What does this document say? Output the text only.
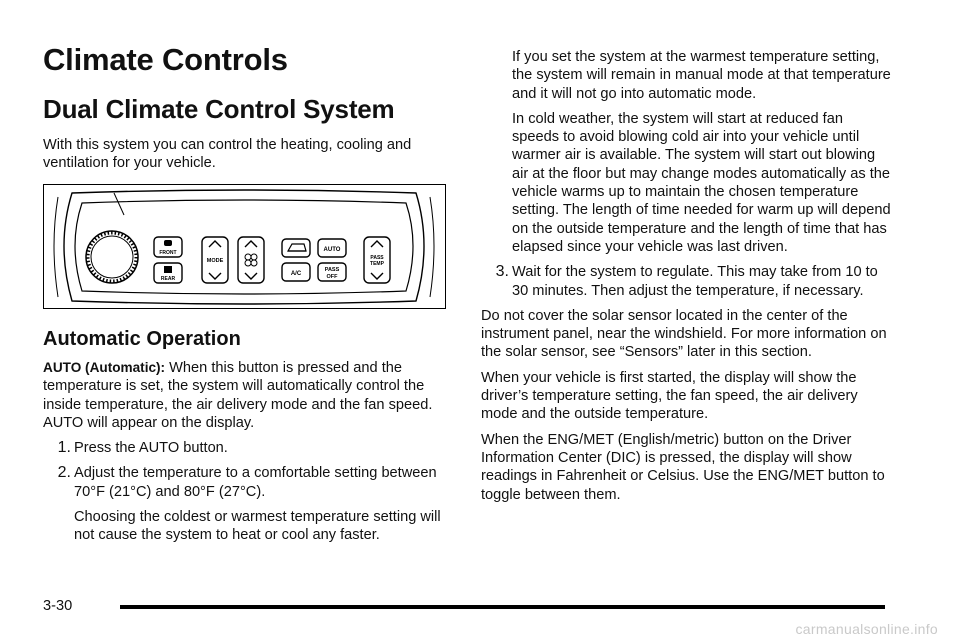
Climate Controls
Dual Climate Control System

With this system you can control the heating, cooling and ventilation for your vehicle.

FRONT
REAR
MODE
AUTO
A/C
PASS
OFF
PASS
TEMP
Automatic Operation

AUTO (Automatic): When this button is pressed and the temperature is set, the system will automatically control the inside temperature, the air delivery mode and the fan speed. AUTO will appear on the display.

1. Press the AUTO button.

2. Adjust the temperature to a comfortable setting between 70°F (21°C) and 80°F (27°C).

Choosing the coldest or warmest temperature setting will not cause the system to heat or cool any faster.

If you set the system at the warmest temperature setting, the system will remain in manual mode at that temperature and it will not go into automatic mode.

In cold weather, the system will start at reduced fan speeds to avoid blowing cold air into your vehicle until warmer air is available. The system will start out blowing air at the floor but may change modes automatically as the vehicle warms up to maintain the chosen temperature setting. The length of time needed for warm up will depend on the outside temperature and the length of time that has elapsed since your vehicle was last driven.

3. Wait for the system to regulate. This may take from 10 to 30 minutes. Then adjust the temperature, if necessary.

Do not cover the solar sensor located in the center of the instrument panel, near the windshield. For more information on the solar sensor, see “Sensors” later in this section.

When your vehicle is first started, the display will show the driver’s temperature setting, the fan speed, the air delivery mode and the outside temperature.

When the ENG/MET (English/metric) button on the Driver Information Center (DIC) is pressed, the display will show readings in Fahrenheit or Celsius. Use the ENG/MET button to toggle between them.

3-30
carmanualsonline.info
